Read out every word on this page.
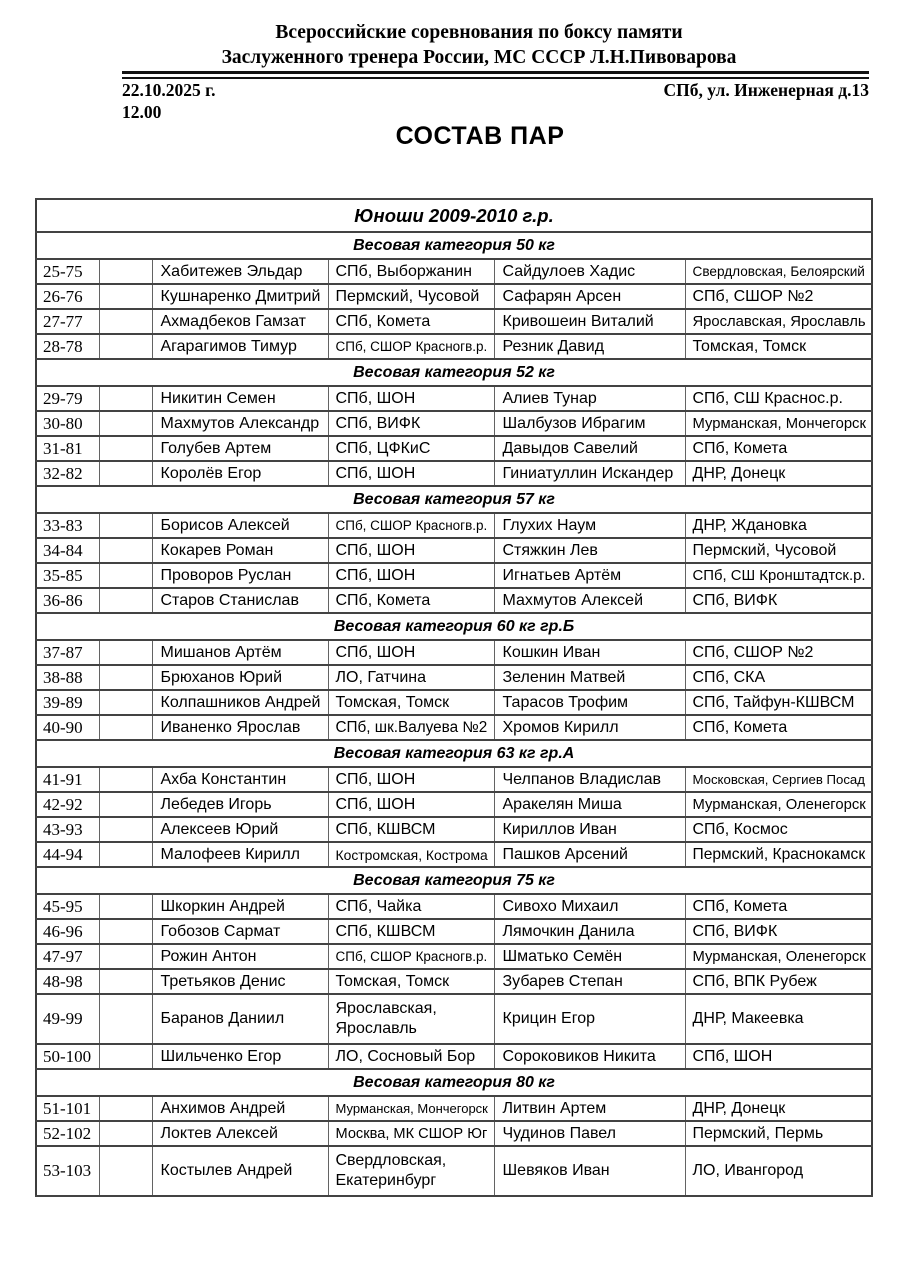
Всероссийские соревнования по боксу памяти
Заслуженного тренера России, МС СССР Л.Н.Пивоварова
22.10.2025 г.	СПб, ул. Инженерная д.13
12.00
СОСТАВ ПАР
Юноши 2009-2010 г.р.					
Весовая категория 50 кг					
25-75		Хабитежев Эльдар	СПб, Выборжанин	Сайдулоев Хадис	Свердловская, Белоярский
26-76		Кушнаренко Дмитрий	Пермский, Чусовой	Сафарян Арсен	СПб, СШОР №2
27-77		Ахмадбеков Гамзат	СПб, Комета	Кривошеин Виталий	Ярославская, Ярославль
28-78		Агарагимов Тимур	СПб, СШОР Красногв.р.	Резник Давид	Томская, Томск
Весовая категория 52 кг					
29-79		Никитин Семен	СПб, ШОН	Алиев Тунар	СПб, СШ Краснос.р.
30-80		Махмутов Александр	СПб, ВИФК	Шалбузов Ибрагим	Мурманская, Мончегорск
31-81		Голубев Артем	СПб, ЦФКиС	Давыдов Савелий	СПб, Комета
32-82		Королёв Егор	СПб, ШОН	Гиниатуллин Искандер	ДНР, Донецк
Весовая категория 57 кг					
33-83		Борисов Алексей	СПб, СШОР Красногв.р.	Глухих Наум	ДНР, Ждановка
34-84		Кокарев Роман	СПб, ШОН	Стяжкин Лев	Пермский, Чусовой
35-85		Проворов Руслан	СПб, ШОН	Игнатьев Артём	СПб, СШ Кронштадтск.р.
36-86		Старов Станислав	СПб, Комета	Махмутов Алексей	СПб, ВИФК
Весовая категория 60 кг гр.Б					
37-87		Мишанов Артём	СПб, ШОН	Кошкин Иван	СПб, СШОР №2
38-88		Брюханов Юрий	ЛО, Гатчина	Зеленин Матвей	СПб, СКА
39-89		Колпашников Андрей	Томская, Томск	Тарасов Трофим	СПб, Тайфун-КШВСМ
40-90		Иваненко Ярослав	СПб, шк.Валуева №2	Хромов Кирилл	СПб, Комета
Весовая категория 63 кг гр.А					
41-91		Ахба Константин	СПб, ШОН	Челпанов Владислав	Московская, Сергиев Посад
42-92		Лебедев Игорь	СПб, ШОН	Аракелян Миша	Мурманская, Оленегорск
43-93		Алексеев Юрий	СПб, КШВСМ	Кириллов Иван	СПб, Космос
44-94		Малофеев Кирилл	Костромская, Кострома	Пашков Арсений	Пермский, Краснокамск
Весовая категория 75 кг					
45-95		Шкоркин Андрей	СПб, Чайка	Сивохо Михаил	СПб, Комета
46-96		Гобозов Сармат	СПб, КШВСМ	Лямочкин Данила	СПб, ВИФК
47-97		Рожин Антон	СПб, СШОР Красногв.р.	Шматько Семён	Мурманская, Оленегорск
48-98		Третьяков Денис	Томская, Томск	Зубарев Степан	СПб, ВПК Рубеж
49-99		Баранов Даниил	Ярославская, Ярославль	Крицин Егор	ДНР, Макеевка
50-100		Шильченко Егор	ЛО, Сосновый Бор	Сороковиков Никита	СПб, ШОН
Весовая категория 80 кг					
51-101		Анхимов Андрей	Мурманская, Мончегорск	Литвин Артем	ДНР, Донецк
52-102		Локтев Алексей	Москва, МК СШОР Юг	Чудинов Павел	Пермский, Пермь
53-103		Костылев Андрей	Свердловская, Екатеринбург	Шевяков Иван	ЛО, Ивангород
